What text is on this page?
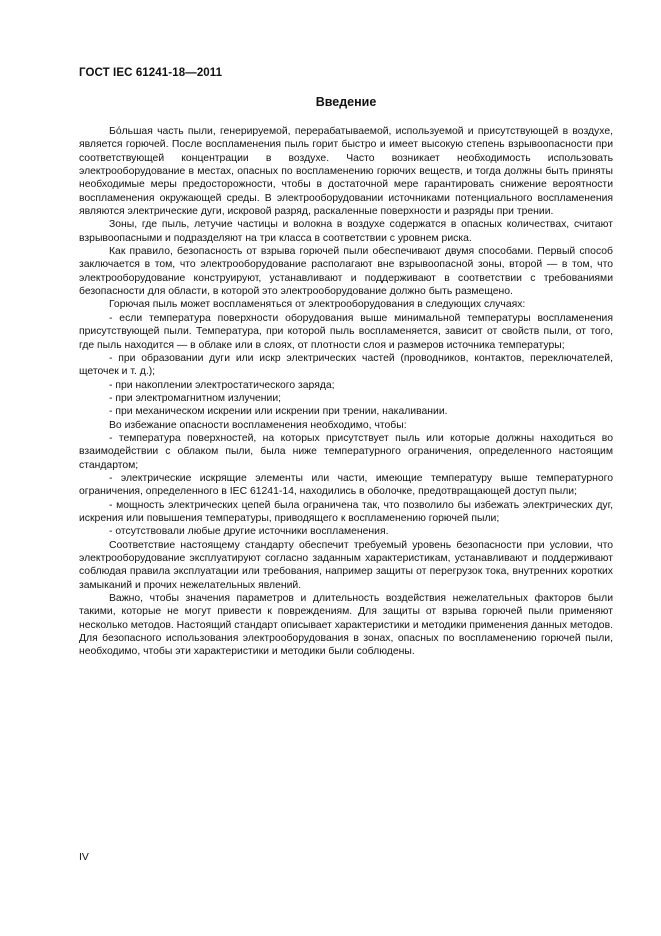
ГОСТ IEC 61241-18—2011
Введение

Бо́льшая часть пыли, генерируемой, перерабатываемой, используемой и присутствующей в воздухе, является горючей. После воспламенения пыль горит быстро и имеет высокую степень взрывоопасности при соответствующей концентрации в воздухе. Часто возникает необходимость использовать электрооборудование в местах, опасных по воспламенению горючих веществ, и тогда должны быть приняты необходимые меры предосторожности, чтобы в достаточной мере гарантировать снижение вероятности воспламенения окружающей среды. В электрооборудовании источниками потенциального воспламенения являются электрические дуги, искровой разряд, раскаленные поверхности и разряды при трении.

Зоны, где пыль, летучие частицы и волокна в воздухе содержатся в опасных количествах, считают взрывоопасными и подразделяют на три класса в соответствии с уровнем риска.

Как правило, безопасность от взрыва горючей пыли обеспечивают двумя способами. Первый способ заключается в том, что электрооборудование располагают вне взрывоопасной зоны, второй — в том, что электрооборудование конструируют, устанавливают и поддерживают в соответствии с требованиями безопасности для области, в которой это электрооборудование должно быть размещено.

Горючая пыль может воспламеняться от электрооборудования в следующих случаях:

- если температура поверхности оборудования выше минимальной температуры воспламенения присутствующей пыли. Температура, при которой пыль воспламеняется, зависит от свойств пыли, от того, где пыль находится — в облаке или в слоях, от плотности слоя и размеров источника температуры;

- при образовании дуги или искр электрических частей (проводников, контактов, переключателей, щеточек и т. д.);

- при накоплении электростатического заряда;

- при электромагнитном излучении;

- при механическом искрении или искрении при трении, накаливании.

Во избежание опасности воспламенения необходимо, чтобы:

- температура поверхностей, на которых присутствует пыль или которые должны находиться во взаимодействии с облаком пыли, была ниже температурного ограничения, определенного настоящим стандартом;

- электрические искрящие элементы или части, имеющие температуру выше температурного ограничения, определенного в IEC 61241-14, находились в оболочке, предотвращающей доступ пыли;

- мощность электрических цепей была ограничена так, что позволило бы избежать электрических дуг, искрения или повышения температуры, приводящего к воспламенению горючей пыли;

- отсутствовали любые другие источники воспламенения.

Соответствие настоящему стандарту обеспечит требуемый уровень безопасности при условии, что электрооборудование эксплуатируют согласно заданным характеристикам, устанавливают и поддерживают соблюдая правила эксплуатации или требования, например защиты от перегрузок тока, внутренних коротких замыканий и прочих нежелательных явлений.

Важно, чтобы значения параметров и длительность воздействия нежелательных факторов были такими, которые не могут привести к повреждениям. Для защиты от взрыва горючей пыли применяют несколько методов. Настоящий стандарт описывает характеристики и методики применения данных методов. Для безопасного использования электрооборудования в зонах, опасных по воспламенению горючей пыли, необходимо, чтобы эти характеристики и методики были соблюдены.

IV
